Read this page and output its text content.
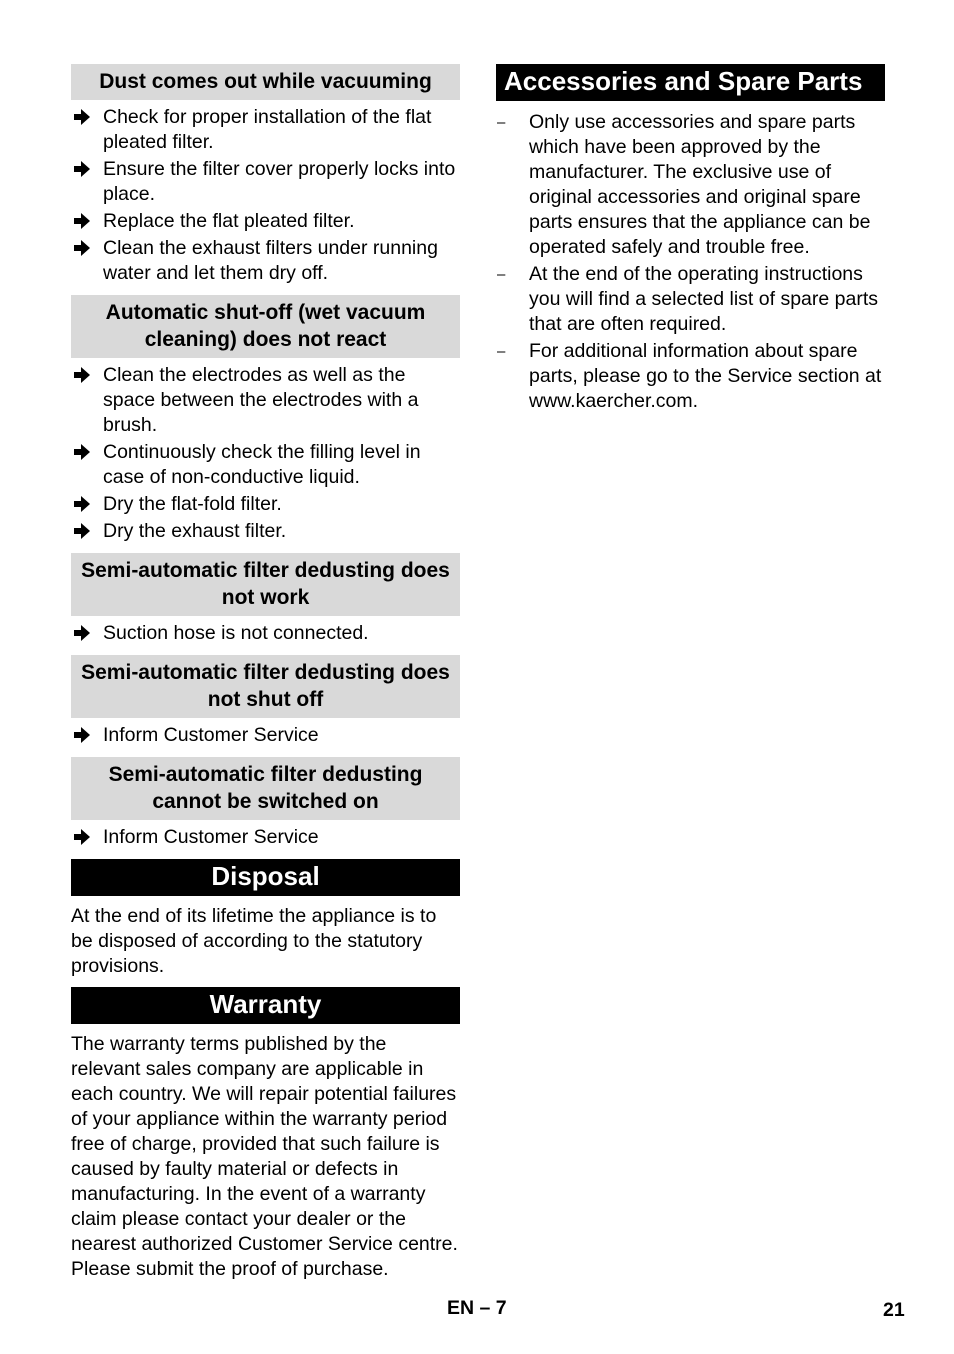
Dust comes out while vacuuming
Check for proper installation of the flat pleated filter.
Ensure the filter cover properly locks into place.
Replace the flat pleated filter.
Clean the exhaust filters under running water and let them dry off.
Automatic shut-off (wet vacuum cleaning) does not react
Clean the electrodes as well as the space between the electrodes with a brush.
Continuously check the filling level in case of non-conductive liquid.
Dry the flat-fold filter.
Dry the exhaust filter.
Semi-automatic filter dedusting does not work
Suction hose is not connected.
Semi-automatic filter dedusting does not shut off
Inform Customer Service
Semi-automatic filter dedusting cannot be switched on
Inform Customer Service
Disposal

At the end of its lifetime the appliance is to be disposed of according to the statutory provisions.

Warranty

The warranty terms published by the relevant sales company are applicable in each country. We will repair potential failures of your appliance within the warranty period free of charge, provided that such failure is caused by faulty material or defects in manufacturing. In the event of a warranty claim please contact your dealer or the nearest authorized Customer Service centre. Please submit the proof of purchase.

Accessories and Spare Parts
– Only use accessories and spare parts which have been approved by the manufacturer. The exclusive use of original accessories and original spare parts ensures that the appliance can be operated safely and trouble free.
– At the end of the operating instructions you will find a selected list of spare parts that are often required.
– For additional information about spare parts, please go to the Service section at www.kaercher.com.
EN – 7	21
